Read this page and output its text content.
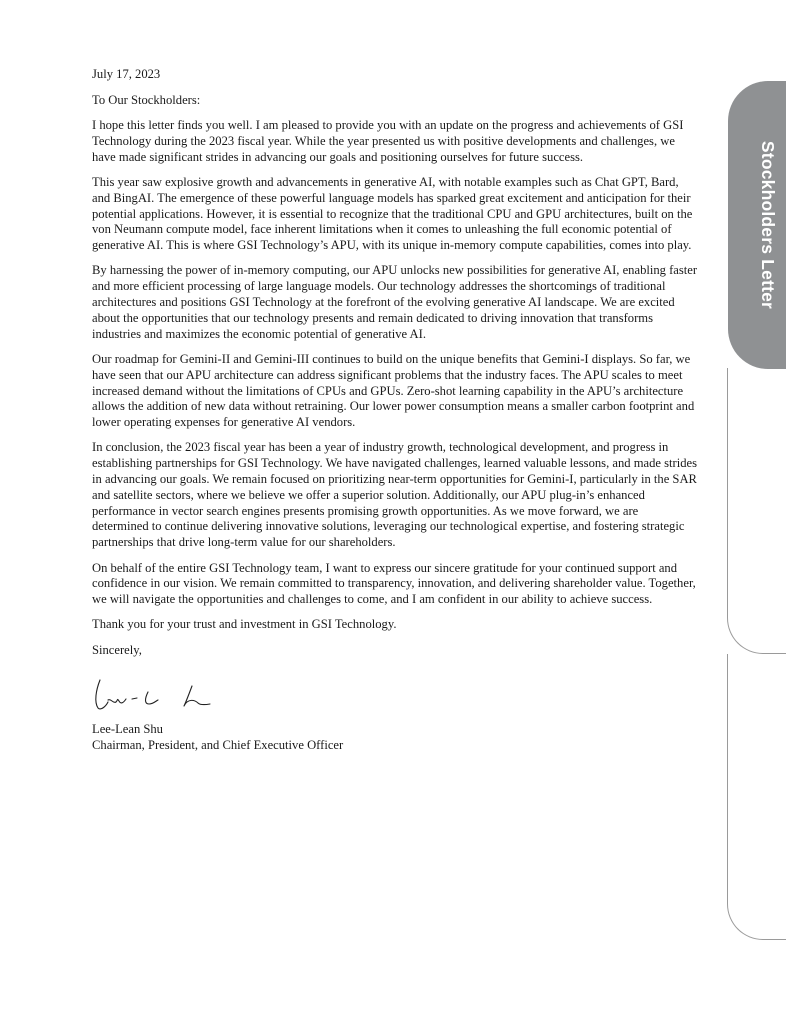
July 17, 2023

To Our Stockholders:

I hope this letter finds you well. I am pleased to provide you with an update on the progress and achievements of GSI Technology during the 2023 fiscal year. While the year presented us with positive developments and challenges, we have made significant strides in advancing our goals and positioning ourselves for future success.

This year saw explosive growth and advancements in generative AI, with notable examples such as Chat GPT, Bard, and BingAI. The emergence of these powerful language models has sparked great excitement and anticipation for their potential applications. However, it is essential to recognize that the traditional CPU and GPU architectures, built on the von Neumann compute model, face inherent limitations when it comes to unleashing the full economic potential of generative AI. This is where GSI Technology’s APU, with its unique in-memory compute capabilities, comes into play.

By harnessing the power of in-memory computing, our APU unlocks new possibilities for generative AI, enabling faster and more efficient processing of large language models. Our technology addresses the shortcomings of traditional architectures and positions GSI Technology at the forefront of the evolving generative AI landscape. We are excited about the opportunities that our technology presents and remain dedicated to driving innovation that transforms industries and maximizes the economic potential of generative AI.

Our roadmap for Gemini-II and Gemini-III continues to build on the unique benefits that Gemini-I displays. So far, we have seen that our APU architecture can address significant problems that the industry faces. The APU scales to meet increased demand without the limitations of CPUs and GPUs. Zero-shot learning capability in the APU’s architecture allows the addition of new data without retraining. Our lower power consumption means a smaller carbon footprint and lower operating expenses for generative AI vendors.

In conclusion, the 2023 fiscal year has been a year of industry growth, technological development, and progress in establishing partnerships for GSI Technology. We have navigated challenges, learned valuable lessons, and made strides in advancing our goals. We remain focused on prioritizing near-term opportunities for Gemini-I, particularly in the SAR and satellite sectors, where we believe we offer a superior solution. Additionally, our APU plug-in’s enhanced performance in vector search engines presents promising growth opportunities. As we move forward, we are determined to continue delivering innovative solutions, leveraging our technological expertise, and fostering strategic partnerships that drive long-term value for our shareholders.

On behalf of the entire GSI Technology team, I want to express our sincere gratitude for your continued support and confidence in our vision. We remain committed to transparency, innovation, and delivering shareholder value. Together, we will navigate the opportunities and challenges to come, and I am confident in our ability to achieve success.

Thank you for your trust and investment in GSI Technology.

Sincerely,

Lee-Lean Shu

Chairman, President, and Chief Executive Officer

Stockholders Letter
